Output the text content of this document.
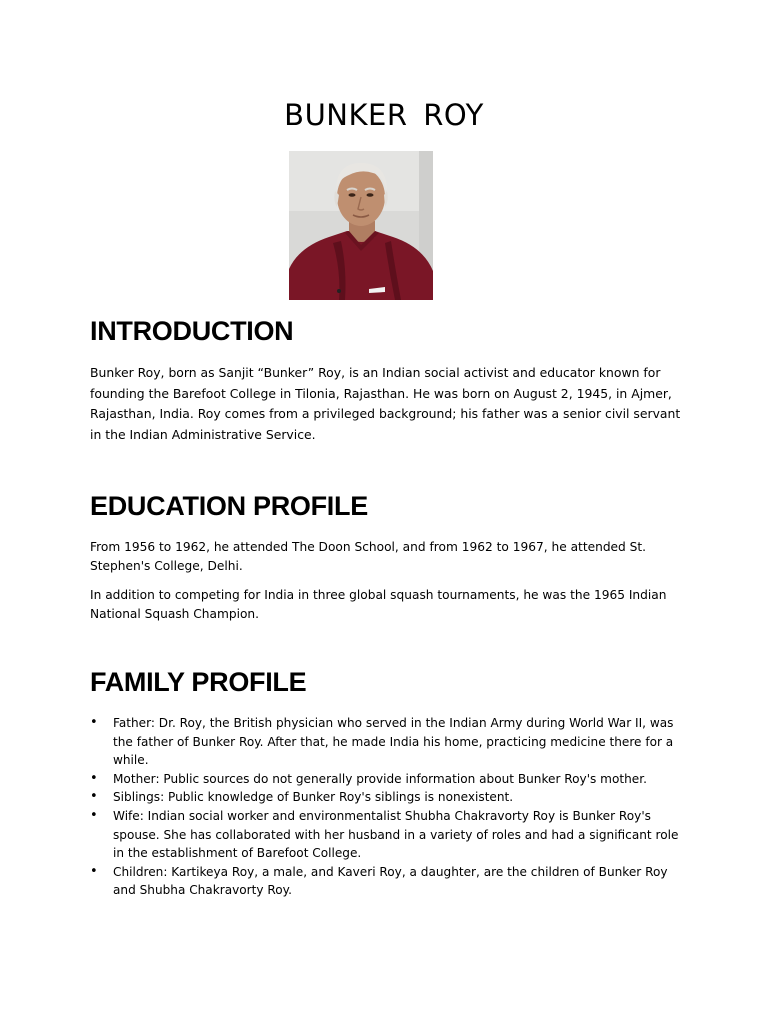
BUNKER ROY
INTRODUCTION

Bunker Roy, born as Sanjit “Bunker” Roy, is an Indian social activist and educator known for founding the Barefoot College in Tilonia, Rajasthan. He was born on August 2, 1945, in Ajmer, Rajasthan, India. Roy comes from a privileged background; his father was a senior civil servant in the Indian Administrative Service.

EDUCATION PROFILE

From 1956 to 1962, he attended The Doon School, and from 1962 to 1967, he attended St. Stephen's College, Delhi.

In addition to competing for India in three global squash tournaments, he was the 1965 Indian National Squash Champion.

FAMILY PROFILE
• Father: Dr. Roy, the British physician who served in the Indian Army during World War II, was the father of Bunker Roy. After that, he made India his home, practicing medicine there for a while.
• Mother: Public sources do not generally provide information about Bunker Roy's mother.
• Siblings: Public knowledge of Bunker Roy's siblings is nonexistent.
• Wife: Indian social worker and environmentalist Shubha Chakravorty Roy is Bunker Roy's spouse. She has collaborated with her husband in a variety of roles and had a significant role in the establishment of Barefoot College.
• Children: Kartikeya Roy, a male, and Kaveri Roy, a daughter, are the children of Bunker Roy and Shubha Chakravorty Roy.
